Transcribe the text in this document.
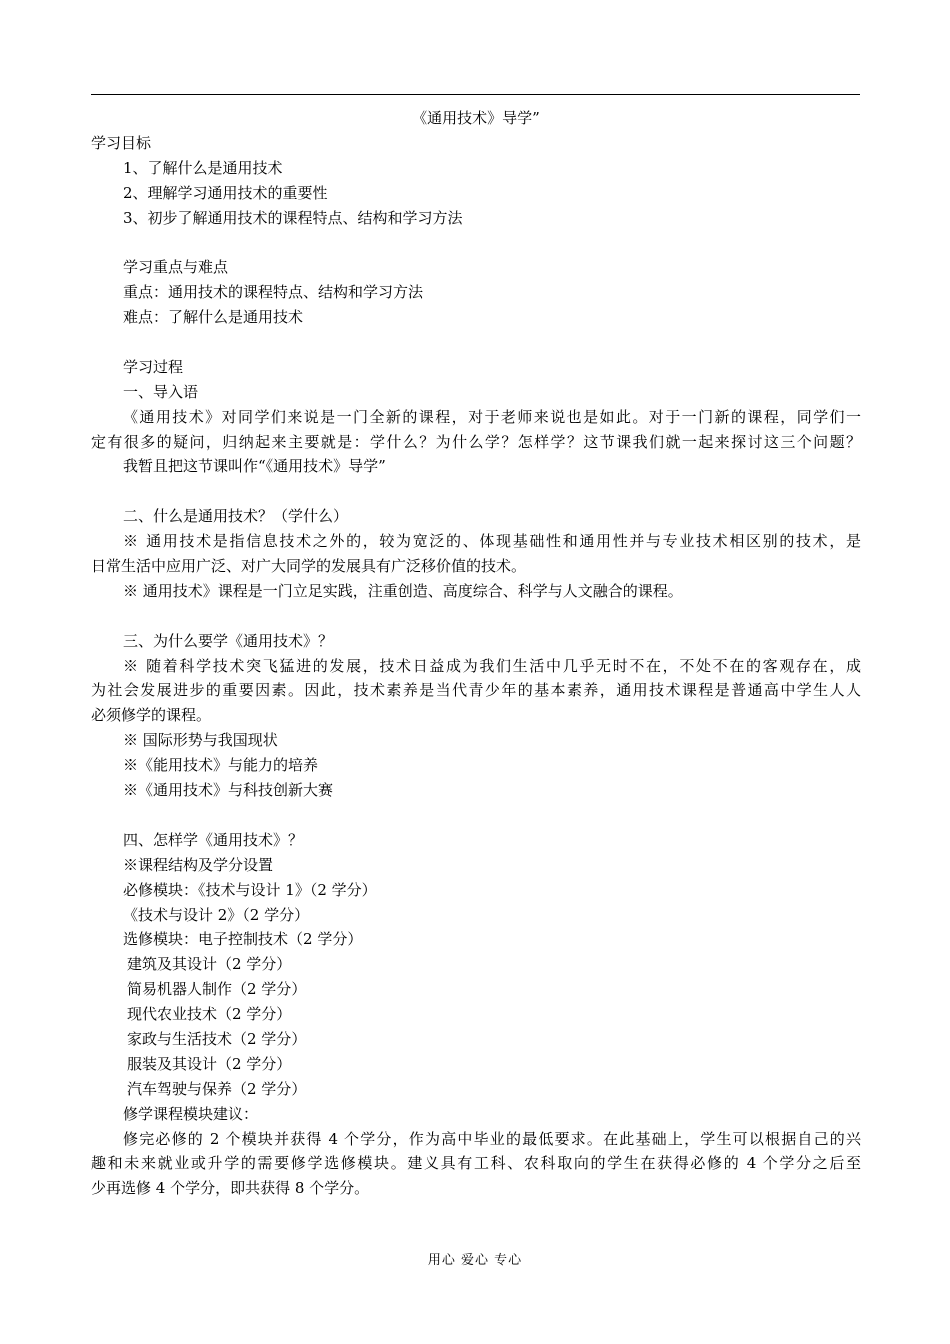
《通用技术》导学”
学习目标
1、了解什么是通用技术
2、理解学习通用技术的重要性
3、初步了解通用技术的课程特点、结构和学习方法
学习重点与难点
重点：通用技术的课程特点、结构和学习方法
难点：了解什么是通用技术
学习过程
一、导入语
《通用技术》对同学们来说是一门全新的课程，对于老师来说也是如此。对于一门新的课程，同学们一
定有很多的疑问，归纳起来主要就是：学什么？为什么学？怎样学？这节课我们就一起来探讨这三个问题？
我暂且把这节课叫作“《通用技术》导学”
二、什么是通用技术？（学什么）
※ 通用技术是指信息技术之外的，较为宽泛的、体现基础性和通用性并与专业技术相区别的技术，是
日常生活中应用广泛、对广大同学的发展具有广泛移价值的技术。
※ 通用技术》课程是一门立足实践，注重创造、高度综合、科学与人文融合的课程。
三、为什么要学《通用技术》？
※ 随着科学技术突飞猛进的发展，技术日益成为我们生活中几乎无时不在，不处不在的客观存在，成
为社会发展进步的重要因素。因此，技术素养是当代青少年的基本素养，通用技术课程是普通高中学生人人
必须修学的课程。
※ 国际形势与我国现状
※《能用技术》与能力的培养
※《通用技术》与科技创新大赛
四、怎样学《通用技术》？
※课程结构及学分设置
必修模块：《技术与设计 1》（2 学分）
《技术与设计 2》（2 学分）
选修模块：电子控制技术（2 学分）
建筑及其设计（2 学分）
简易机器人制作（2 学分）
现代农业技术（2 学分）
家政与生活技术（2 学分）
服装及其设计（2 学分）
汽车驾驶与保养（2 学分）
修学课程模块建议：
修完必修的 2 个模块并获得 4 个学分，作为高中毕业的最低要求。在此基础上，学生可以根据自己的兴
趣和未来就业或升学的需要修学选修模块。建义具有工科、农科取向的学生在获得必修的 4 个学分之后至
少再选修 4 个学分，即共获得 8 个学分。
用心 爱心 专心
